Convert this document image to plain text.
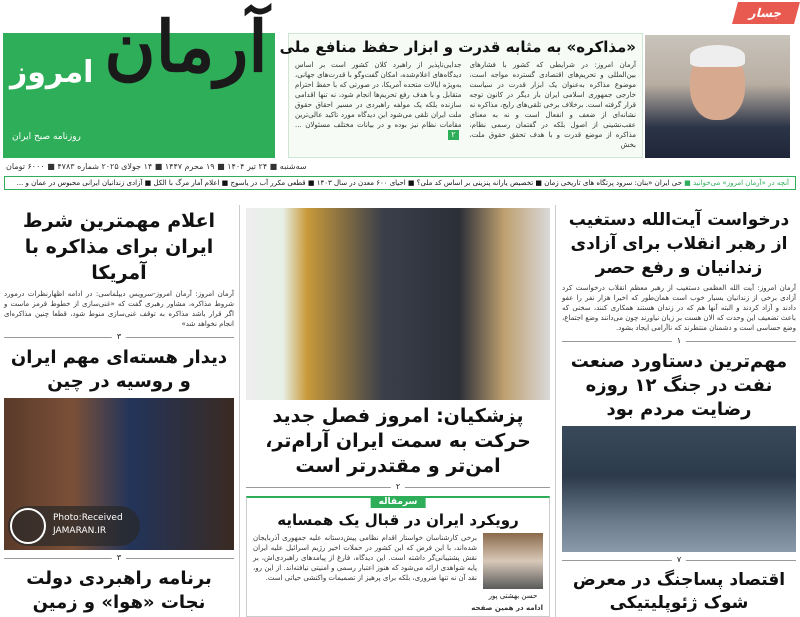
آرمان
امروز
روزنامه صبح ایران
جسار
«مذاکره» به مثابه قدرت و ابزار حفظ منافع ملی

آرمان امروز: در شرایطی که کشور با فشارهای بین‌المللی و تحریم‌های اقتصادی گسترده مواجه است، موضوع مذاکره به‌عنوان یک ابزار قدرت در سیاست خارجی جمهوری اسلامی ایران بار دیگر در کانون توجه قرار گرفته است. برخلاف برخی تلقی‌های رایج، مذاکره نه نشانه‌ای از ضعف و انفعال است و نه به معنای عقب‌نشینی از اصول بلکه در گفتمان رسمی نظام، مذاکره از موضع قدرت و با هدف تحقق حقوق ملت، بخش

جدایی‌ناپذیر از راهبرد کلان کشور است بر اساس دیدگاه‌های اعلام‌شده، امکان گفت‌وگو با قدرت‌های جهانی، به‌ویژه ایالات متحده آمریکا، در صورتی که با حفظ احترام متقابل و با هدف رفع تحریم‌ها انجام شود، نه تنها اقدامی سازنده بلکه یک مولفه راهبردی در مسیر احقاق حقوق ملت ایران تلقی می‌شود این دیدگاه مورد تاکید عالی‌ترین مقامات نظام نیز بوده و در بیانات مختلف مسئولان ...۲

سه‌شنبه ■ ۲۴ تیر ۱۴۰۴ ■ ۱۹ محرم ۱۴۴۷ ■ ۱۴ جولای ۲۰۲۵ شماره ۴۷۸۳ ■ ۶۰۰۰ تومان
آنچه در «آرمان امروز» می‌خوانید ■ حی ایران «بنان: سرود پرتگاه های تاریخی زمان ■ تخصیص یارانه پنزینی بر اساس کد ملی؟ ■ احیای ۶۰۰ معدن در سال ۱۴۰۳ ■ قطعی مکرر آب در یاسوج ■ اعلام آمار مرگ با الکل ■ آزادی زندانیان ایرانی محبوس در عمان و ...
اعلام مهمترین شرط ایران برای مذاکره با آمریکا
آرمان امروز: آرمان امروز-سرویس دیپلماسی: در ادامه اظهارنظرات درمورد شروط مذاکره، مشاور رهبری گفت که «غنی‌سازی از خطوط قرمز ماست و اگر قرار باشد مذاکره به توقف غنی‌سازی منوط شود، قطعا چنین مذاکره‌ای انجام نخواهد شد»
۳
دیدار هسته‌ای مهم ایران و روسیه در چین
Photo:Received
JAMARAN.IR
۳
برنامه راهبردی دولت نجات «هوا» و زمین
پزشکیان: امروز فصل جدید حرکت به سمت ایران آرام‌تر، امن‌تر و مقتدرتر است
۲
سرمقاله
رویکرد ایران در قبال یک همسایه
حسن بهشتی پور
برخی کارشناسان خواستار اقدام نظامی پیش‌دستانه علیه جمهوری آذربایجان شده‌اند، با این فرض که این کشور در حملات اخیر رژیم اسرائیل علیه ایران نقش پشتیبانی‌گر داشته است. این دیدگاه، فارغ از پیامدهای راهبردی‌اش، بر پایه شواهدی ارائه می‌شود که هنوز اعتبار رسمی و امنیتی نیافته‌اند. از این رو، نقد آن نه تنها ضروری، بلکه برای پرهیز از تصمیمات واکنشی حیاتی است.
ادامه در همین صفحه
درخواست آیت‌الله دستغیب از رهبر انقلاب برای آزادی زندانیان و رفع حصر
آرمان امروز: آیت الله العظمی دستغیب از رهبر معظم انقلاب درخواست کرد آزادی برخی از زندانیان بسیار خوب است همان‌طور که اخیرا هزار نفر را عفو دادند و آزاد کردند و البته آنها هم که در زندان هستند همکاری کنند، سخنی که باعث تضعیف این وحدت که الان هست بر زبان نیاورند چون می‌دانند وضع اجتماع، وضع حساسی است و دشمنان منتظرند که ناآرامی ایجاد بشود.
۱
مهم‌ترین دستاورد صنعت نفت در جنگ ۱۲ روزه رضایت مردم بود
۷
اقتصاد پساجنگ در معرض شوک ژئوپلیتیکی
